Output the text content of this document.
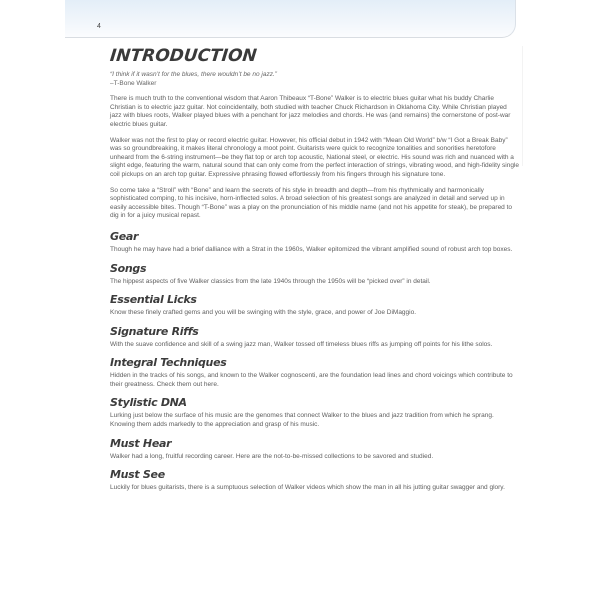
4
INTRODUCTION
“I think if it wasn’t for the blues, there wouldn’t be no jazz.”
–T-Bone Walker

There is much truth to the conventional wisdom that Aaron Thibeaux “T-Bone” Walker is to electric blues guitar what his buddy Charlie Christian is to electric jazz guitar. Not coincidentally, both studied with teacher Chuck Richardson in Oklahoma City. While Christian played jazz with blues roots, Walker played blues with a penchant for jazz melodies and chords. He was (and remains) the cornerstone of post-war electric blues guitar.

Walker was not the first to play or record electric guitar. However, his official debut in 1942 with “Mean Old World” b/w “I Got a Break Baby” was so groundbreaking, it makes literal chronology a moot point. Guitarists were quick to recognize tonalities and sonorities heretofore unheard from the 6-string instrument—be they flat top or arch top acoustic, National steel, or electric. His sound was rich and nuanced with a slight edge, featuring the warm, natural sound that can only come from the perfect interaction of strings, vibrating wood, and high-fidelity single coil pickups on an arch top guitar. Expressive phrasing flowed effortlessly from his fingers through his signature tone.

So come take a “Stroll” with “Bone” and learn the secrets of his style in breadth and depth—from his rhythmically and harmonically sophisticated comping, to his incisive, horn-inflected solos. A broad selection of his greatest songs are analyzed in detail and served up in easily accessible bites. Though “T-Bone” was a play on the pronunciation of his middle name (and not his appetite for steak), be prepared to dig in for a juicy musical repast.

Gear

Though he may have had a brief dalliance with a Strat in the 1960s, Walker epitomized the vibrant amplified sound of robust arch top boxes.

Songs

The hippest aspects of five Walker classics from the late 1940s through the 1950s will be “picked over” in detail.

Essential Licks

Know these finely crafted gems and you will be swinging with the style, grace, and power of Joe DiMaggio.

Signature Riffs

With the suave confidence and skill of a swing jazz man, Walker tossed off timeless blues riffs as jumping off points for his lithe solos.

Integral Techniques

Hidden in the tracks of his songs, and known to the Walker cognoscenti, are the foundation lead lines and chord voicings which contribute to their greatness. Check them out here.

Stylistic DNA

Lurking just below the surface of his music are the genomes that connect Walker to the blues and jazz tradition from which he sprang. Knowing them adds markedly to the appreciation and grasp of his music.

Must Hear

Walker had a long, fruitful recording career. Here are the not-to-be-missed collections to be savored and studied.

Must See

Luckily for blues guitarists, there is a sumptuous selection of Walker videos which show the man in all his jutting guitar swagger and glory.
